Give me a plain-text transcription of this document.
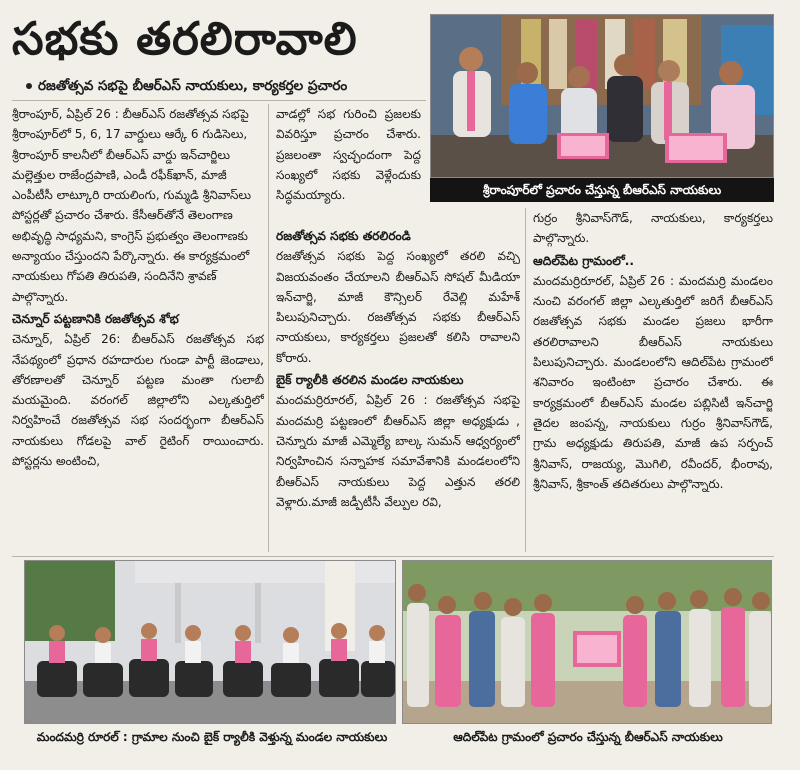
సభకు తరలిరావాలి
రజతోత్సవ సభపై బీఆర్ఎస్ నాయకులు, కార్యకర్తల ప్రచారం
శ్రీరాంపూర్‌లో ప్రచారం చేస్తున్న బీఆర్ఎస్ నాయకులు

శ్రీరాంపూర్, ఏప్రిల్ 26 : బీఆర్ఎస్ రజతోత్సవ సభపై శ్రీరాంపూర్‌లో 5, 6, 17 వార్డులు ఆర్కే 6 గుడిసెలు, శ్రీరాంపూర్ కాలనీలో బీఆర్ఎస్ వార్డు ఇన్‌చార్జిలు మల్లెత్తుల రాజేంద్రపాణి, ఎండీ రఫీక్‌ఖాన్, మాజీ ఎంపీటీసీ లాట్కూరి రాయలింగు, గుమ్మడి శ్రీనివాస్‌లు పోస్టర్లతో ప్రచారం చేశారు. కేసీఆర్‌తోనే తెలంగాణ అభివృద్ధి సాధ్యమని, కాంగ్రెస్ ప్రభుత్వం తెలంగాణకు అన్యాయం చేస్తుందని పేర్కొన్నారు. ఈ కార్యక్రమంలో నాయకులు గోపతి తిరుపతి, సందినేని శ్రావణ్ పాల్గొన్నారు.

చెన్నూర్ పట్టణానికి రజతోత్సవ శోభ

చెన్నూర్, ఏప్రిల్ 26: బీఆర్ఎస్ రజతోత్సవ సభ నేపథ్యంలో ప్రధాన రహదారుల గుండా పార్టీ జెండాలు, తోరణాలతో చెన్నూర్ పట్టణ మంతా గులాబీ మయమైంది. వరంగల్ జిల్లాలోని ఎల్కతుర్తిలో నిర్వహించే రజతోత్సవ సభ సందర్భంగా బీఆర్ఎస్ నాయకులు గోడలపై వాల్ రైటింగ్ రాయించారు. పోస్టర్లను అంటించి,

వాడల్లో సభ గురించి ప్రజలకు వివరిస్తూ ప్రచారం చేశారు. ప్రజలంతా స్వచ్ఛందంగా పెద్ద సంఖ్యలో సభకు వెళ్లేందుకు సిద్ధమయ్యారు.

రజతోత్సవ సభకు తరలిరండి

రజతోత్సవ సభకు పెద్ద సంఖ్యలో తరలి వచ్చి విజయవంతం చేయాలని బీఆర్ఎస్ సోషల్ మీడియా ఇన్‌చార్జి, మాజీ కౌన్సిలర్ రేవెల్లి మహేశ్ పిలుపునిచ్చారు. రజతోత్సవ సభకు బీఆర్ఎస్ నాయకులు, కార్యకర్తలు ప్రజలతో కలిసి రావాలని కోరారు.

బైక్ ర్యాలీకి తరలిన మండల నాయకులు

మందమర్రిరూరల్, ఏప్రిల్ 26 : రజతోత్సవ సభపై మందమర్రి పట్టణంలో బీఆర్ఎస్ జిల్లా అధ్యక్షుడు , చెన్నూరు మాజీ ఎమ్మెల్యే బాల్క సుమన్ ఆధ్వర్యంలో నిర్వహించిన సన్నాహక సమావేశానికి మండలంలోని బీఆర్ఎస్ నాయకులు పెద్ద ఎత్తున తరలి వెళ్లారు.మాజీ జడ్పీటీసీ వేల్పుల రవి,

గుర్రం శ్రీనివాస్‌గౌడ్, నాయకులు, కార్యకర్తలు పాల్గొన్నారు.

ఆదిల్‌పేట గ్రామంలో..

మందమర్రిరూరల్, ఏప్రిల్ 26 : మందమర్రి మండలం నుంచి వరంగల్ జిల్లా ఎల్కతుర్తిలో జరిగే బీఆర్ఎస్ రజతోత్సవ సభకు మండల ప్రజలు భారీగా తరలిరావాలని బీఆర్ఎస్ నాయకులు పిలుపునిచ్చారు. మండలంలోని ఆదిల్‌పేట గ్రామంలో శనివారం ఇంటింటా ప్రచారం చేశారు. ఈ కార్యక్రమంలో బీఆర్ఎస్ మండల పబ్లిసిటీ ఇన్‌చార్జి తైదల జంపన్న, నాయకులు గుర్రం శ్రీనివాస్‌గౌడ్, గ్రామ అధ్యక్షుడు తిరుపతి, మాజీ ఉప సర్పంచ్ శ్రీనివాస్, రాజయ్య, మొగిలి, రవీందర్, భీంరావు, శ్రీనివాస్, శ్రీకాంత్ తదితరులు పాల్గొన్నారు.

మందమర్రి రూరల్ : గ్రామాల నుంచి బైక్ ర్యాలీకి వెళ్తున్న మండల నాయకులు	ఆదిల్‌పేట గ్రామంలో ప్రచారం చేస్తున్న బీఆర్ఎస్ నాయకులు
